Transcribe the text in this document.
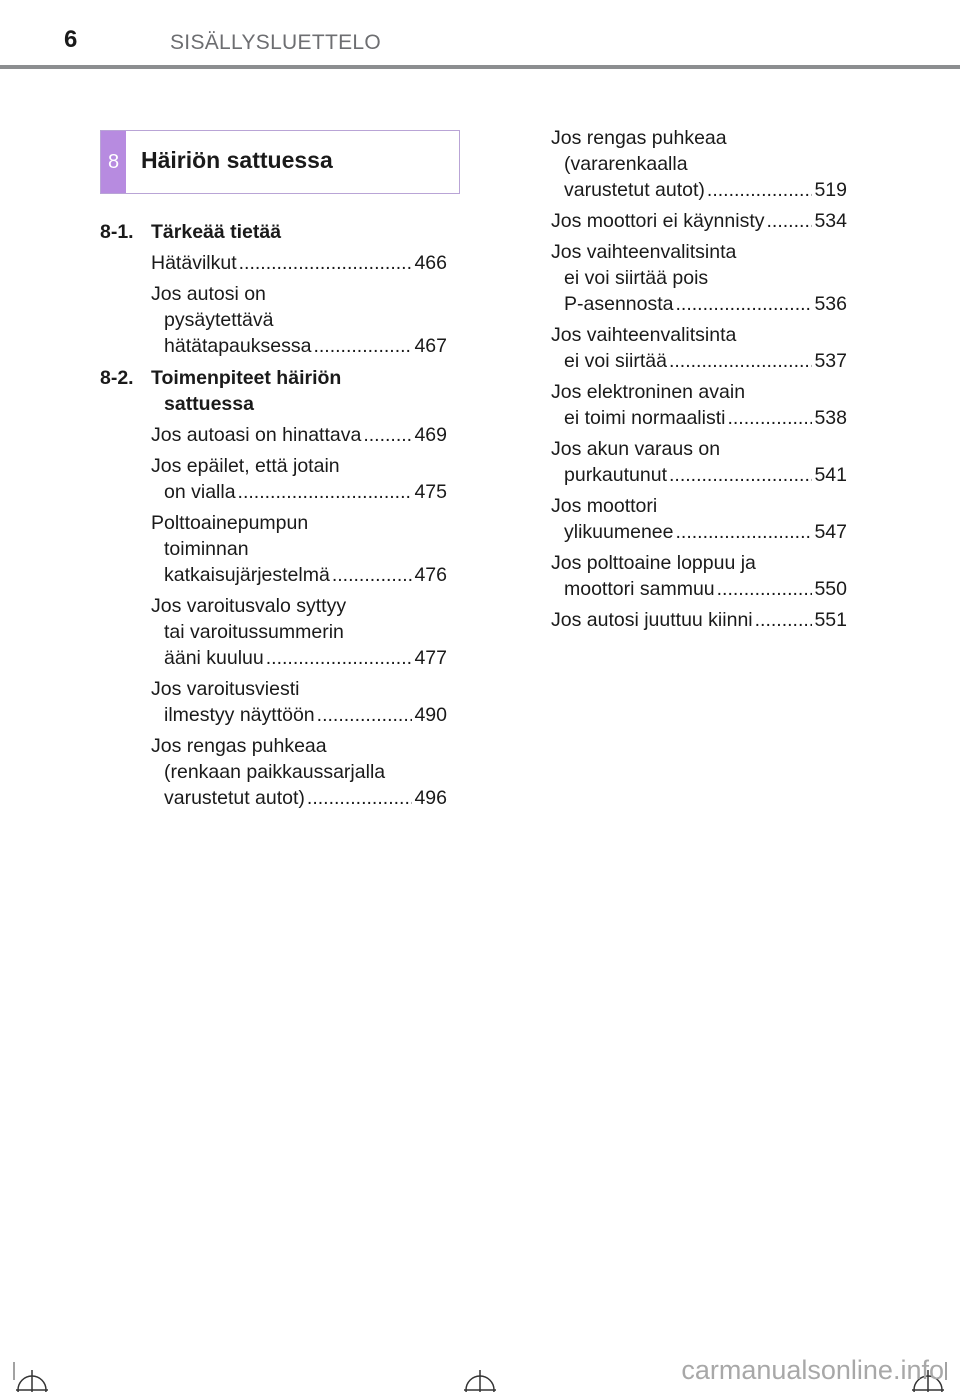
6	SISÄLLYSLUETTELO
8 Häiriön sattuessa
8-1. Tärkeää tietää
Hätävilkut .....	466
Jos autosi on
pysäytettävä
hätätapauksessa .....	467
8-2. Toimenpiteet häiriön
sattuessa
Jos autoasi on hinattava .....	469
Jos epäilet, että jotain
on vialla .....	475
Polttoainepumpun
toiminnan
katkaisujärjestelmä .....	476
Jos varoitusvalo syttyy
tai varoitussummerin
ääni kuuluu .....	477
Jos varoitusviesti
ilmestyy näyttöön .....	490
Jos rengas puhkeaa
(renkaan paikkaussarjalla
varustetut autot) .....	496
Jos rengas puhkeaa
(vararenkaalla
varustetut autot) .....	519
Jos moottori ei käynnisty .....	534
Jos vaihteenvalitsinta
ei voi siirtää pois
P-asennosta .....	536
Jos vaihteenvalitsinta
ei voi siirtää .....	537
Jos elektroninen avain
ei toimi normaalisti .....	538
Jos akun varaus on
purkautunut .....	541
Jos moottori
ylikuumenee .....	547
Jos polttoaine loppuu ja
moottori sammuu .....	550
Jos autosi juuttuu kiinni .....	551
carmanualsonline.info
